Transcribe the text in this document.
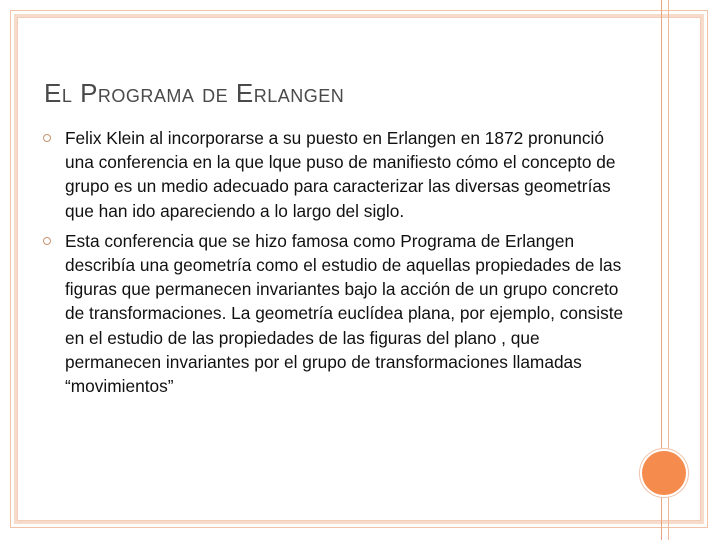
El Programa de Erlangen
Felix Klein al incorporarse a su puesto en Erlangen en 1872 pronunció una conferencia en la que lque puso de manifiesto cómo el concepto de grupo es un medio adecuado para caracterizar las diversas geometrías que han ido apareciendo a lo largo del siglo.
Esta conferencia que se hizo famosa como Programa de Erlangen describía una geometría como el estudio de aquellas propiedades de las figuras que permanecen invariantes bajo la acción de un grupo concreto de transformaciones. La geometría euclídea plana, por ejemplo, consiste en el estudio de las propiedades de las figuras del plano , que permanecen invariantes por el grupo de transformaciones llamadas “movimientos”
